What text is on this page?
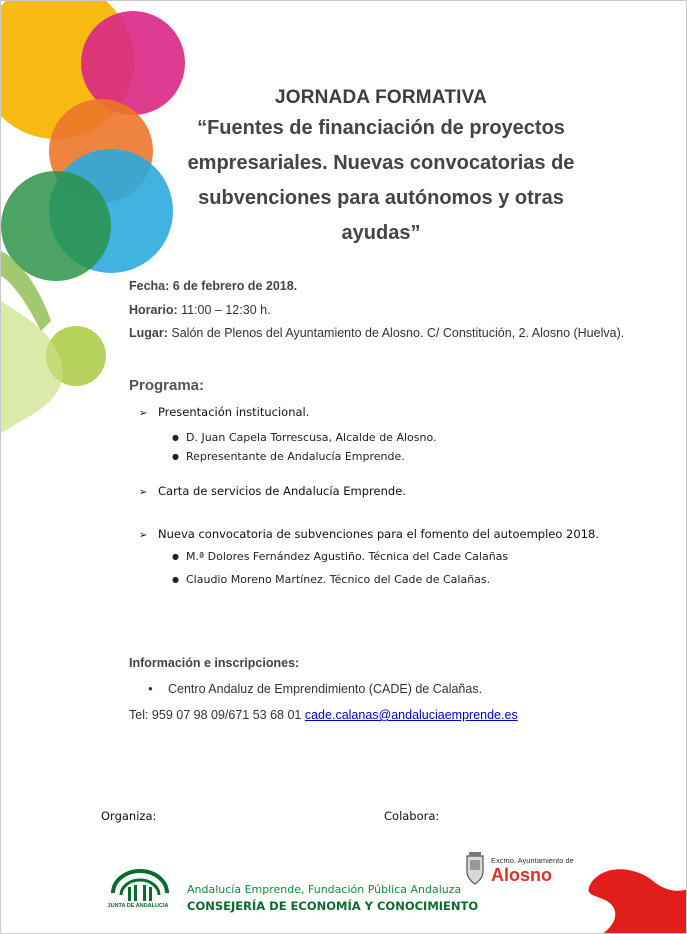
JORNADA FORMATIVA
“Fuentes de financiación de proyectos
empresariales. Nuevas convocatorias de
subvenciones para autónomos y otras
ayudas”
Fecha: 6 de febrero de 2018.
Horario: 11:00 – 12:30 h.
Lugar: Salón de Plenos del Ayuntamiento de Alosno. C/ Constitución, 2. Alosno (Huelva).
Programa:
➢ Presentación institucional.
● D. Juan Capela Torrescusa, Alcalde de Alosno.
● Representante de Andalucía Emprende.
➢ Carta de servicios de Andalucía Emprende.
➢ Nueva convocatoria de subvenciones para el fomento del autoempleo 2018.
● M.ª Dolores Fernández Agustiño. Técnica del Cade Calañas
● Claudio Moreno Martínez. Técnico del Cade de Calañas.
Información e inscripciones:
● Centro Andaluz de Emprendimiento (CADE) de Calañas.
Tel: 959 07 98 09/671 53 68 01 cade.calanas@andaluciaemprende.es
Organiza:	Colabora:
JUNTA DE ANDALUCIA
Andalucía Emprende, Fundación Pública Andaluza
CONSEJERÍA DE ECONOMÍA Y CONOCIMIENTO
Excmo. Ayuntamiento de
Alosno
